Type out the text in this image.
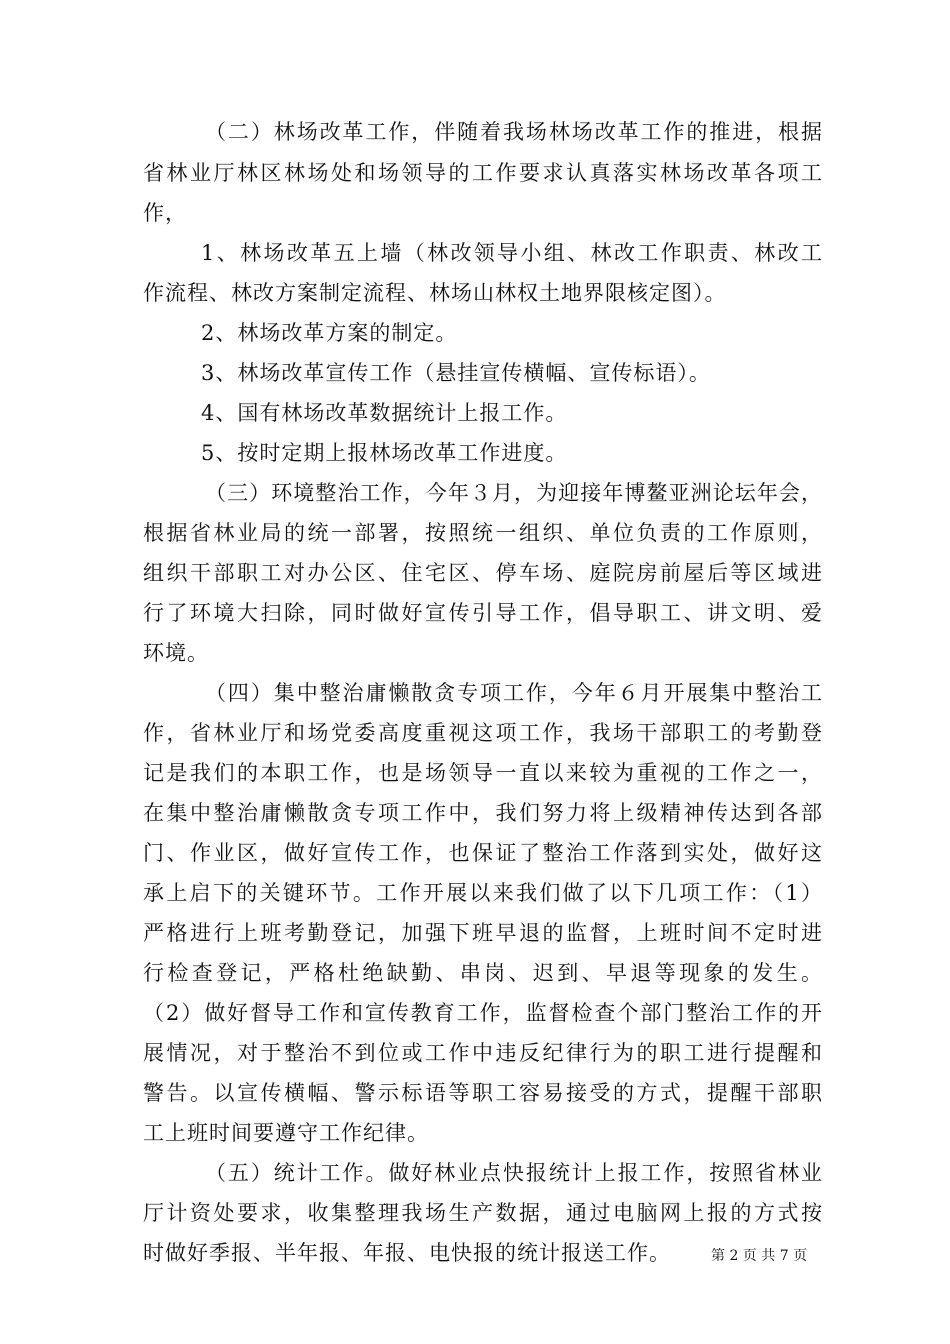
（二）林场改革工作，伴随着我场林场改革工作的推进，根据
省林业厅林区林场处和场领导的工作要求认真落实林场改革各项工
作，
1、林场改革五上墙（林改领导小组、林改工作职责、林改工
作流程、林改方案制定流程、林场山林权土地界限核定图）。
2、林场改革方案的制定。
3、林场改革宣传工作（悬挂宣传横幅、宣传标语）。
4、国有林场改革数据统计上报工作。
5、按时定期上报林场改革工作进度。
（三）环境整治工作，今年３月，为迎接年博鳌亚洲论坛年会，
根据省林业局的统一部署，按照统一组织、单位负责的工作原则，
组织干部职工对办公区、住宅区、停车场、庭院房前屋后等区域进
行了环境大扫除，同时做好宣传引导工作，倡导职工、讲文明、爱
环境。
（四）集中整治庸懒散贪专项工作，今年６月开展集中整治工
作，省林业厅和场党委高度重视这项工作，我场干部职工的考勤登
记是我们的本职工作，也是场领导一直以来较为重视的工作之一，
在集中整治庸懒散贪专项工作中，我们努力将上级精神传达到各部
门、作业区，做好宣传工作，也保证了整治工作落到实处，做好这
承上启下的关键环节。工作开展以来我们做了以下几项工作：（1）
严格进行上班考勤登记，加强下班早退的监督，上班时间不定时进
行检查登记，严格杜绝缺勤、串岗、迟到、早退等现象的发生。
（2）做好督导工作和宣传教育工作，监督检查个部门整治工作的开
展情况，对于整治不到位或工作中违反纪律行为的职工进行提醒和
警告。以宣传横幅、警示标语等职工容易接受的方式，提醒干部职
工上班时间要遵守工作纪律。
（五）统计工作。做好林业点快报统计上报工作，按照省林业
厅计资处要求，收集整理我场生产数据，通过电脑网上报的方式按
时做好季报、半年报、年报、电快报的统计报送工作。	第 2 页 共 7 页
